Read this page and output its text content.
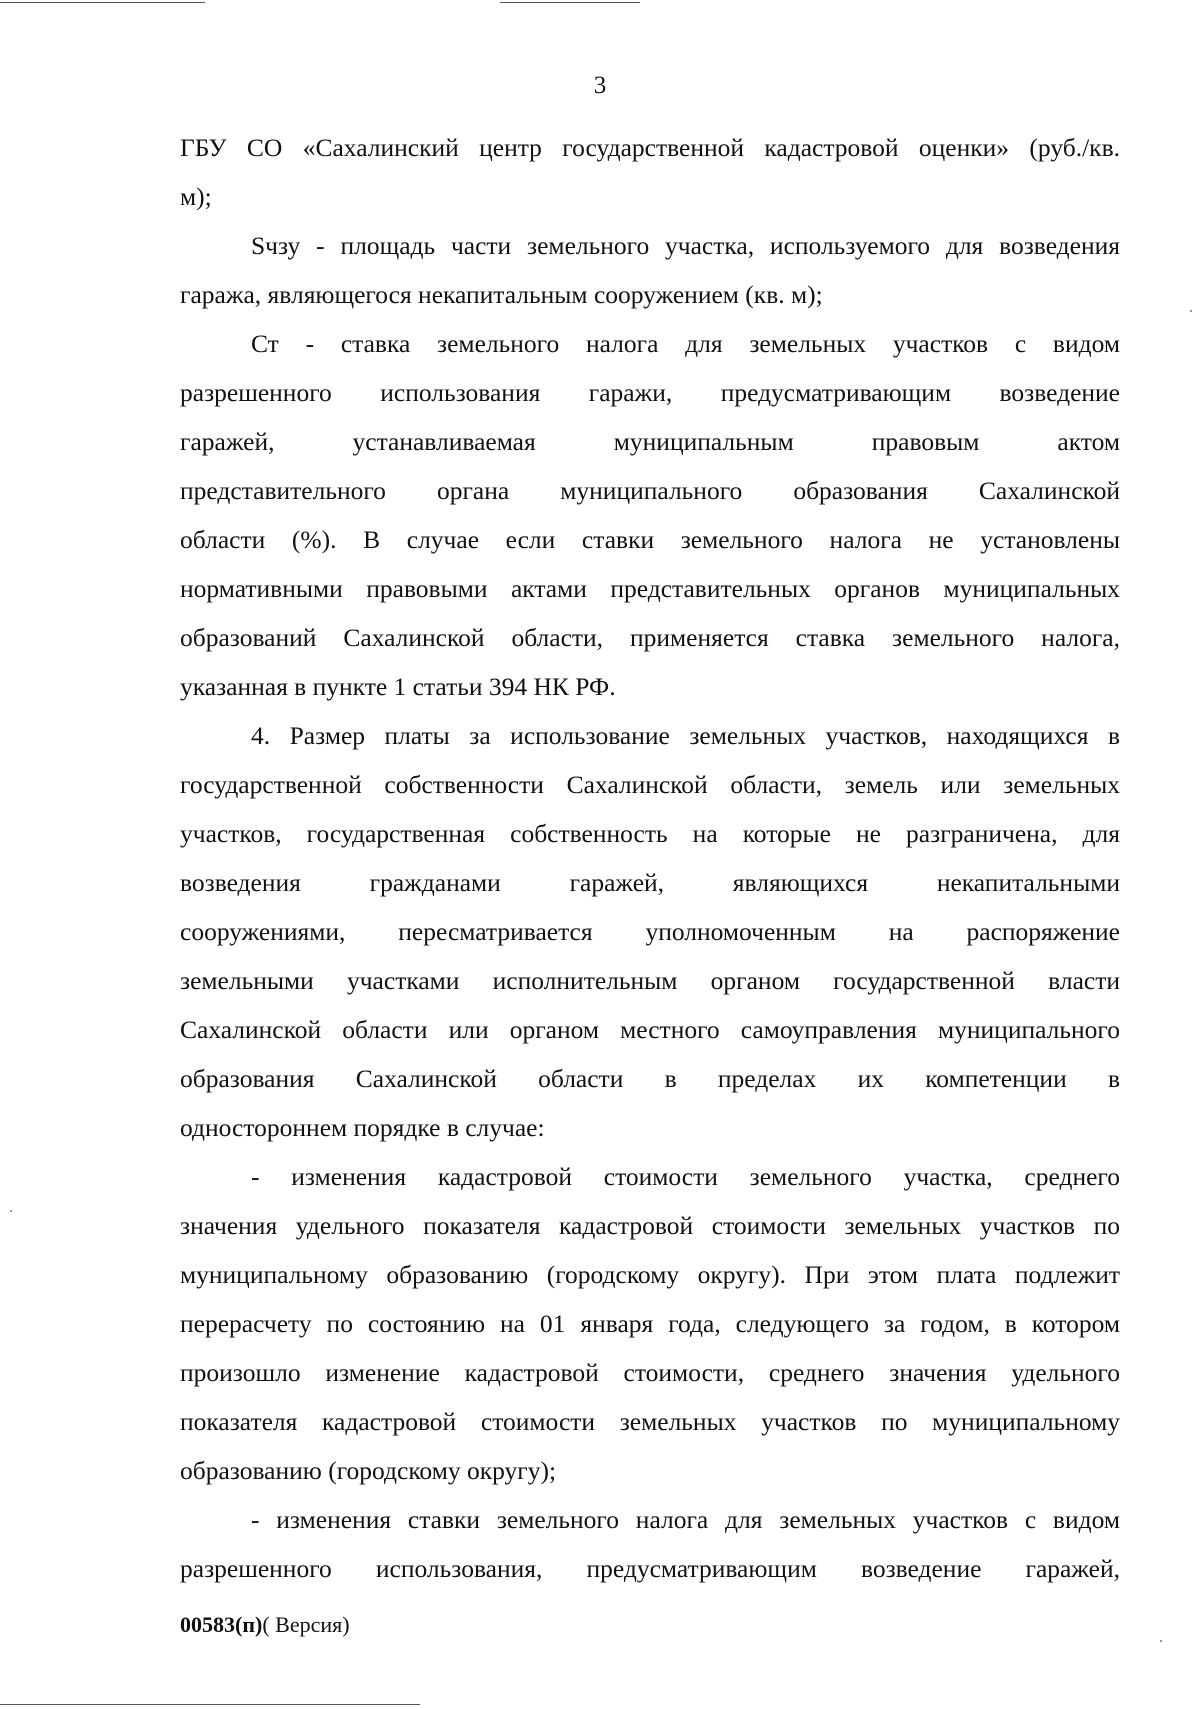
3
ГБУ СО «Сахалинский центр государственной кадастровой оценки» (руб./кв.
м);
Sчзу - площадь части земельного участка, используемого для возведения
гаража, являющегося некапитальным сооружением (кв. м);
Ст - ставка земельного налога для земельных участков с видом
разрешенного использования гаражи, предусматривающим возведение
гаражей, устанавливаемая муниципальным правовым актом
представительного органа муниципального образования Сахалинской
области (%). В случае если ставки земельного налога не установлены
нормативными правовыми актами представительных органов муниципальных
образований Сахалинской области, применяется ставка земельного налога,
указанная в пункте 1 статьи 394 НК РФ.
4. Размер платы за использование земельных участков, находящихся в
государственной собственности Сахалинской области, земель или земельных
участков, государственная собственность на которые не разграничена, для
возведения гражданами гаражей, являющихся некапитальными
сооружениями, пересматривается уполномоченным на распоряжение
земельными участками исполнительным органом государственной власти
Сахалинской области или органом местного самоуправления муниципального
образования Сахалинской области в пределах их компетенции в
одностороннем порядке в случае:
- изменения кадастровой стоимости земельного участка, среднего
значения удельного показателя кадастровой стоимости земельных участков по
муниципальному образованию (городскому округу). При этом плата подлежит
перерасчету по состоянию на 01 января года, следующего за годом, в котором
произошло изменение кадастровой стоимости, среднего значения удельного
показателя кадастровой стоимости земельных участков по муниципальному
образованию (городскому округу);
- изменения ставки земельного налога для земельных участков с видом
разрешенного использования, предусматривающим возведение гаражей,
00583(п)( Версия)
